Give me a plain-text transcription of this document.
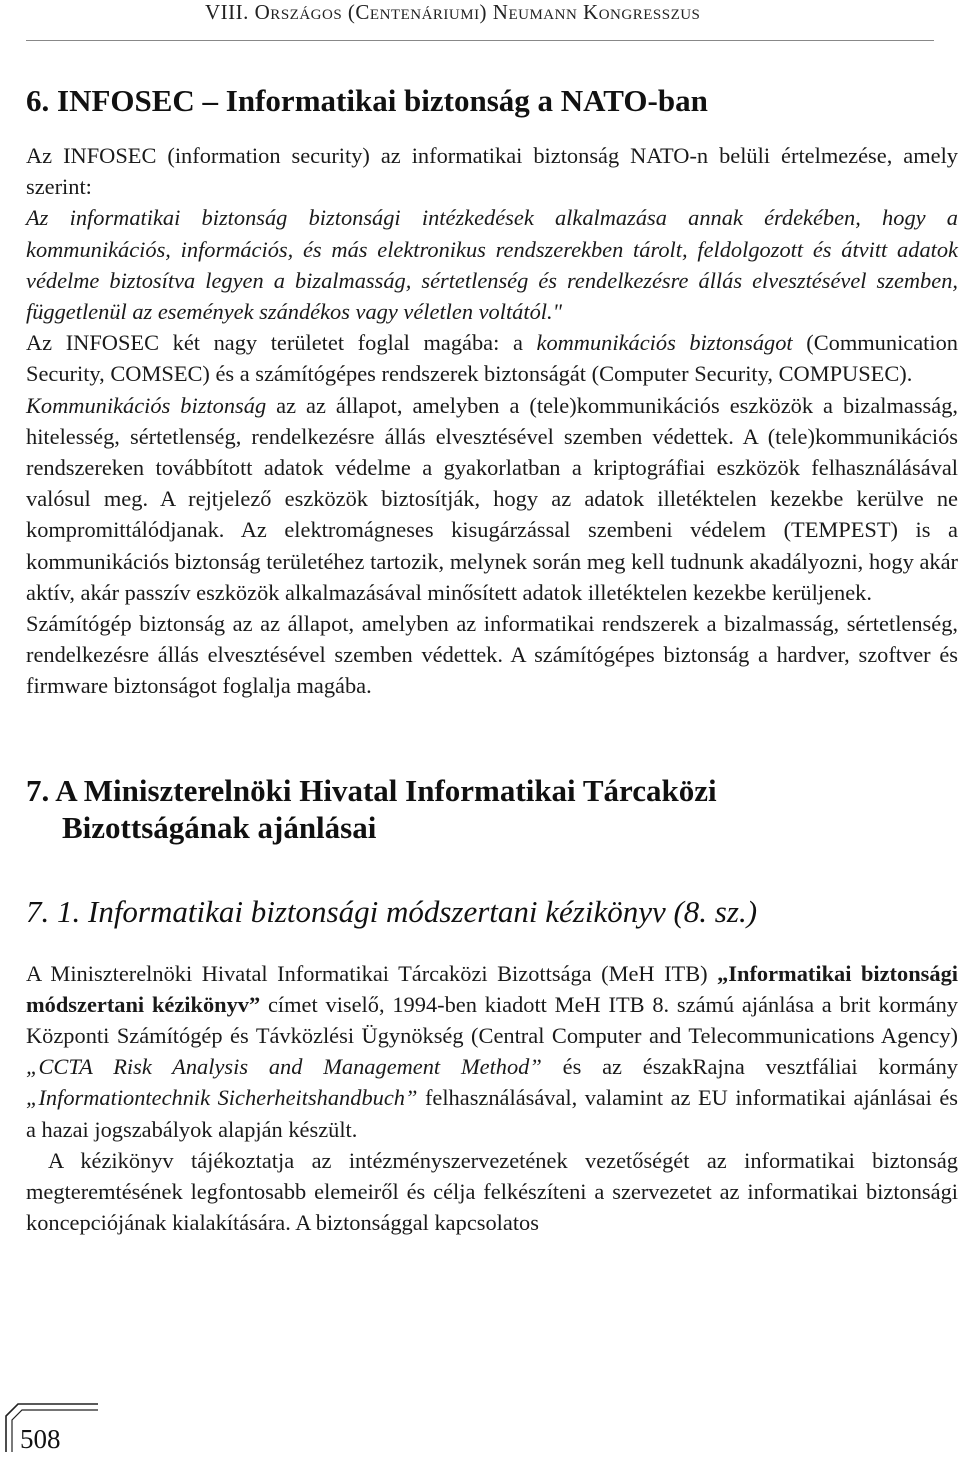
VIII. Országos (Centenáriumi) Neumann Kongresszus
6. INFOSEC – Informatikai biztonság a NATO-ban

Az INFOSEC (information security) az informatikai biztonság NATO-n belüli értelmezése, amely szerint:
Az informatikai biztonság biztonsági intézkedések alkalmazása annak érdekében, hogy a kommunikációs, információs, és más elektronikus rendszerekben tárolt, feldolgozott és átvitt adatok védelme biztosítva legyen a bizalmasság, sértetlenség és rendelkezésre állás elvesztésével szemben, függetlenül az események szándékos vagy véletlen voltától."

Az INFOSEC két nagy területet foglal magába: a kommunikációs biztonságot (Communication Security, COMSEC) és a számítógépes rendszerek biztonságát (Computer Security, COMPUSEC).

Kommunikációs biztonság az az állapot, amelyben a (tele)kommunikációs eszközök a bizalmasság, hitelesség, sértetlenség, rendelkezésre állás elvesztésével szemben védettek. A (tele)kommunikációs rendszereken továbbított adatok védelme a gyakorlatban a kriptográfiai eszközök felhasználásával valósul meg. A rejtjelező eszközök biztosítják, hogy az adatok illetéktelen kezekbe kerülve ne kompromittálódjanak. Az elektromágneses kisugárzással szembeni védelem (TEMPEST) is a kommunikációs biztonság területéhez tartozik, melynek során meg kell tudnunk akadályozni, hogy akár aktív, akár passzív eszközök alkalmazásával minősített adatok illetéktelen kezekbe kerüljenek.

Számítógép biztonság az az állapot, amelyben az informatikai rendszerek a bizalmasság, sértetlenség, rendelkezésre állás elvesztésével szemben védettek. A számítógépes biztonság a hardver, szoftver és firmware biztonságot foglalja magába.

7. A Miniszterelnöki Hivatal Informatikai Tárcaközi
Bizottságának ajánlásai
7. 1. Informatikai biztonsági módszertani kézikönyv (8. sz.)

A Miniszterelnöki Hivatal Informatikai Tárcaközi Bizottsága (MeH ITB) „Informatikai biztonsági módszertani kézikönyv” címet viselő, 1994-ben kiadott MeH ITB 8. számú ajánlása a brit kormány Központi Számítógép és Távközlési Ügynökség (Central Computer and Telecommunications Agency) „CCTA Risk Analysis and Management Method” és az északRajna vesztfáliai kormány „Informationtechnik Sicherheitshandbuch” felhasználásával, valamint az EU informatikai ajánlásai és a hazai jogszabályok alapján készült.

A kézikönyv tájékoztatja az intézményszervezetének vezetőségét az informatikai biztonság megteremtésének legfontosabb elemeiről és célja felkészíteni a szervezetet az informatikai biztonsági koncepciójának kialakítására. A biztonsággal kapcsolatos

508
